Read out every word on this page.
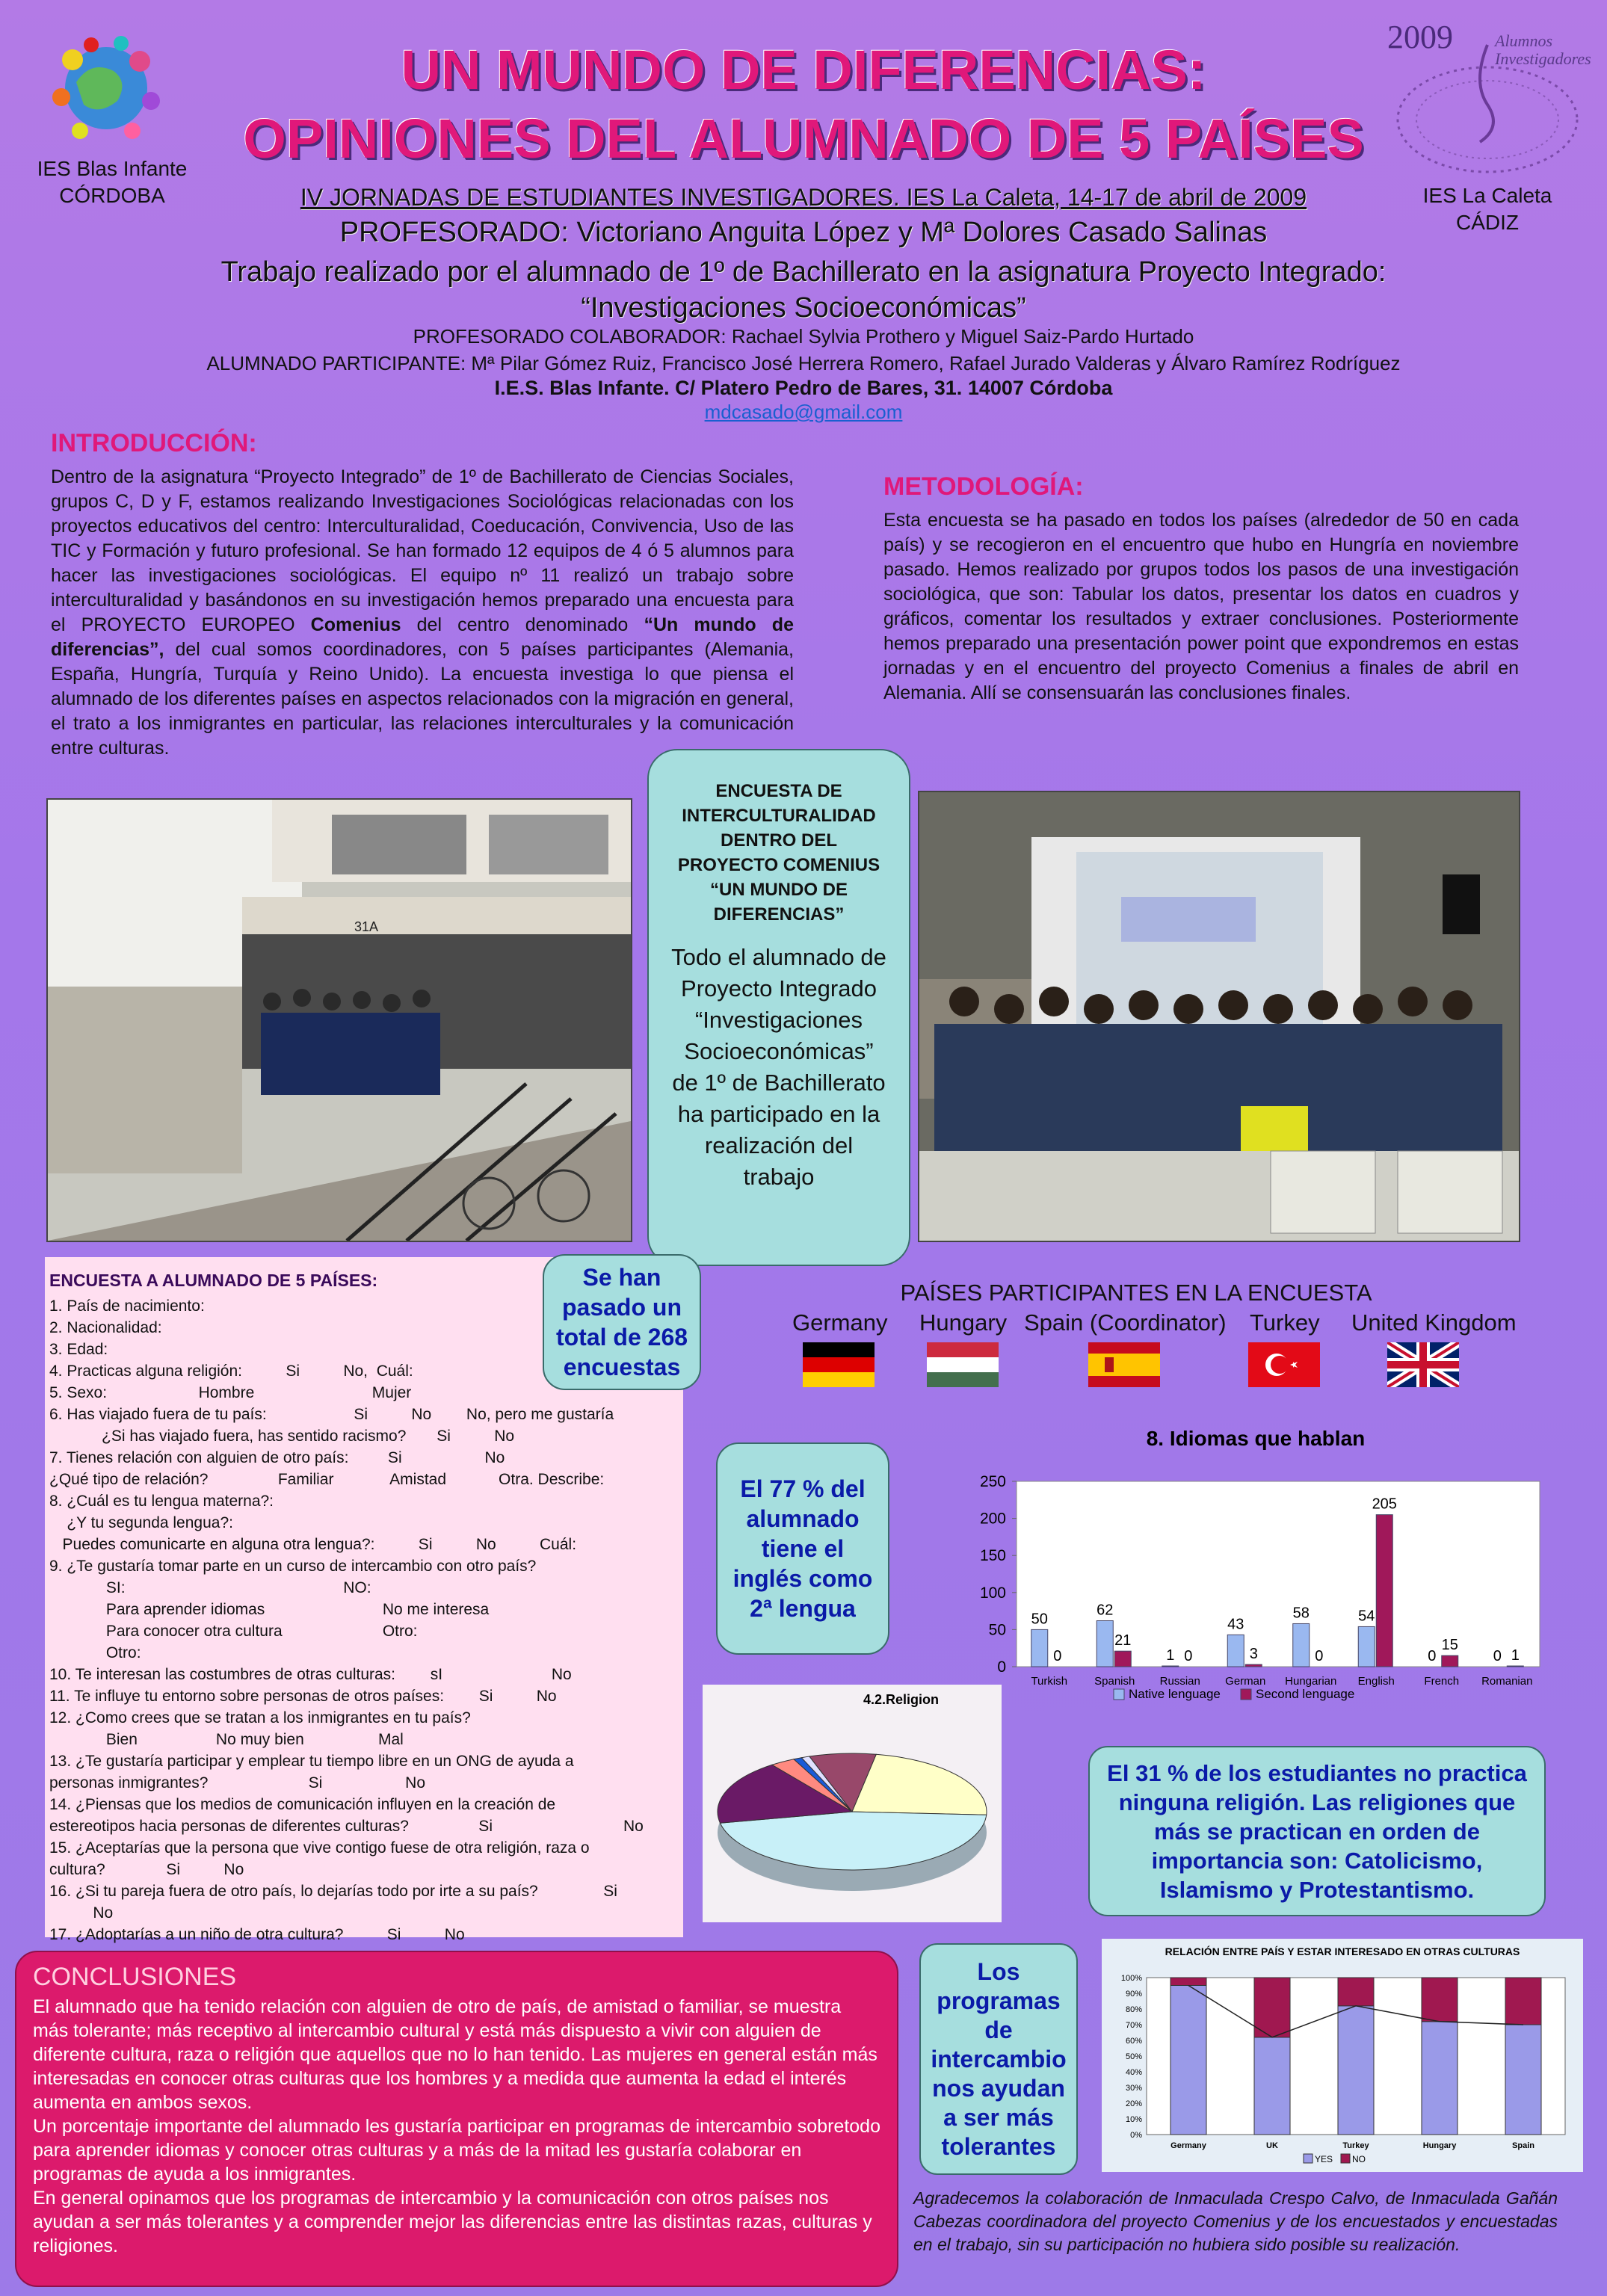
2009	Alumnos
Investigadores
UN MUNDO DE DIFERENCIAS:
OPINIONES DEL ALUMNADO DE 5 PAÍSES
IES Blas Infante
CÓRDOBA	IES La Caleta
CÁDIZ
IV JORNADAS DE ESTUDIANTES INVESTIGADORES. IES La Caleta, 14-17 de abril de 2009
PROFESORADO: Victoriano Anguita López y Mª Dolores Casado Salinas
Trabajo realizado por el alumnado de 1º de Bachillerato en la asignatura Proyecto Integrado:
“Investigaciones Socioeconómicas”
PROFESORADO COLABORADOR: Rachael Sylvia Prothero y Miguel Saiz-Pardo Hurtado
ALUMNADO PARTICIPANTE: Mª Pilar Gómez Ruiz, Francisco José Herrera Romero, Rafael Jurado Valderas y Álvaro Ramírez Rodríguez
I.E.S. Blas Infante. C/ Platero Pedro de Bares, 31. 14007 Córdoba
mdcasado@gmail.com
INTRODUCCIÓN:
Dentro de la asignatura “Proyecto Integrado” de 1º de Bachillerato de Ciencias Sociales, grupos C, D y F, estamos realizando Investigaciones Sociológicas relacionadas con los proyectos educativos del centro: Interculturalidad, Coeducación, Convivencia, Uso de las TIC y Formación y futuro profesional. Se han formado 12 equipos de 4 ó 5 alumnos para hacer las investigaciones sociológicas. El equipo nº 11 realizó un trabajo sobre interculturalidad y basándonos en su investigación hemos preparado una encuesta para el PROYECTO EUROPEO Comenius del centro denominado “Un mundo de diferencias”, del cual somos coordinadores, con 5 países participantes (Alemania, España, Hungría, Turquía y Reino Unido). La encuesta investiga lo que piensa el alumnado de los diferentes países en aspectos relacionados con la migración en general, el trato a los inmigrantes en particular, las relaciones interculturales y la comunicación entre culturas.
METODOLOGÍA:
Esta encuesta se ha pasado en todos los países (alrededor de 50 en cada país) y se recogieron en el encuentro que hubo en Hungría en noviembre pasado. Hemos realizado por grupos todos los pasos de una investigación sociológica, que son: Tabular los datos, presentar los datos en cuadros y gráficos, comentar los resultados y extraer conclusiones. Posteriormente hemos preparado una presentación power point que expondremos en estas jornadas y en el encuentro del proyecto Comenius a finales de abril en Alemania. Allí se consensuarán las conclusiones finales.
31A
ENCUESTA DE INTERCULTURALIDAD DENTRO DEL PROYECTO COMENIUS “UN MUNDO DE DIFERENCIAS”
Todo el alumnado de Proyecto Integrado “Investigaciones Socioeconómicas” de 1º de Bachillerato ha participado en la realización del trabajo
ENCUESTA A ALUMNADO DE 5 PAÍSES:
1. País de nacimiento:
2. Nacionalidad:
3. Edad:
4. Practicas alguna religión:          Si          No,  Cuál:
5. Sexo:                     Hombre                           Mujer
6. Has viajado fuera de tu país:                    Si          No        No, pero me gustaría
¿Si has viajado fuera, has sentido racismo?       Si          No
7. Tienes relación con alguien de otro país:         Si                   No
¿Qué tipo de relación?                Familiar             Amistad            Otra. Describe:
8. ¿Cuál es tu lengua materna?:
¿Y tu segunda lengua?:
Puedes comunicarte en alguna otra lengua?:          Si          No          Cuál:
9. ¿Te gustaría tomar parte en un curso de intercambio con otro país?
SI:                                                  NO:
Para aprender idiomas                           No me interesa
Para conocer otra cultura                       Otro:
Otro:
10. Te interesan las costumbres de otras culturas:        sI                         No
11. Te influye tu entorno sobre personas de otros países:        Si          No
12. ¿Como crees que se tratan a los inmigrantes en tu país?
Bien                  No muy bien                 Mal
13. ¿Te gustaría participar y emplear tu tiempo libre en un ONG de ayuda a
personas inmigrantes?                       Si                   No
14. ¿Piensas que los medios de comunicación influyen en la creación de
estereotipos hacia personas de diferentes culturas?                Si                              No
15. ¿Aceptarías que la persona que vive contigo fuese de otra religión, raza o
cultura?              Si          No
16. ¿Si tu pareja fuera de otro país, lo dejarías todo por irte a su país?               Si
No
17. ¿Adoptarías a un niño de otra cultura?          Si          No
Se han pasado un total de 268 encuestas
PAÍSES PARTICIPANTES EN LA ENCUESTA
Germany Hungary Spain (Coordinator) Turkey United Kingdom
El 77 % del alumnado tiene el inglés como 2ª lengua
8. Idiomas que hablan
0
50
100
150
200
250
50
0
Turkish
62
21
Spanish
1 0
Russian
43
3
German
58
0
Hungarian
54
205
English
0
15
French
0 1
Romanian
Native lenguage	Second lenguage
4.2.Religion
El 31 % de los estudiantes no practica ninguna religión. Las religiones que más se practican en orden de importancia son: Catolicismo, Islamismo y Protestantismo.
CONCLUSIONES
El alumnado que ha tenido relación con alguien de otro de país, de amistad o familiar, se muestra más tolerante; más receptivo al intercambio cultural y está más dispuesto a vivir con alguien de diferente cultura, raza o religión que aquellos que no lo han tenido. Las mujeres en general están más interesadas en conocer otras culturas que los hombres y a medida que aumenta la edad el interés aumenta en ambos sexos.
Un porcentaje importante del alumnado les gustaría participar en programas de intercambio sobretodo para aprender idiomas y conocer otras culturas y a más de la mitad les gustaría colaborar en programas de ayuda a los inmigrantes.
En general opinamos que los programas de intercambio y la comunicación con otros países nos ayudan a ser más tolerantes y a comprender mejor las diferencias entre las distintas razas, culturas y religiones.
Los programas de intercambio nos ayudan a ser más tolerantes
RELACIÓN ENTRE PAÍS Y ESTAR INTERESADO EN OTRAS CULTURAS
0%
10%
20%
30%
40%
50%
60%
70%
80%
90%
100%
Germany	UK	Turkey	Hungary	Spain
YES NO
Agradecemos la colaboración de Inmaculada Crespo Calvo, de Inmaculada Gañán Cabezas coordinadora del proyecto Comenius y de los encuestados y encuestadas en el trabajo, sin su participación no hubiera sido posible su realización.
